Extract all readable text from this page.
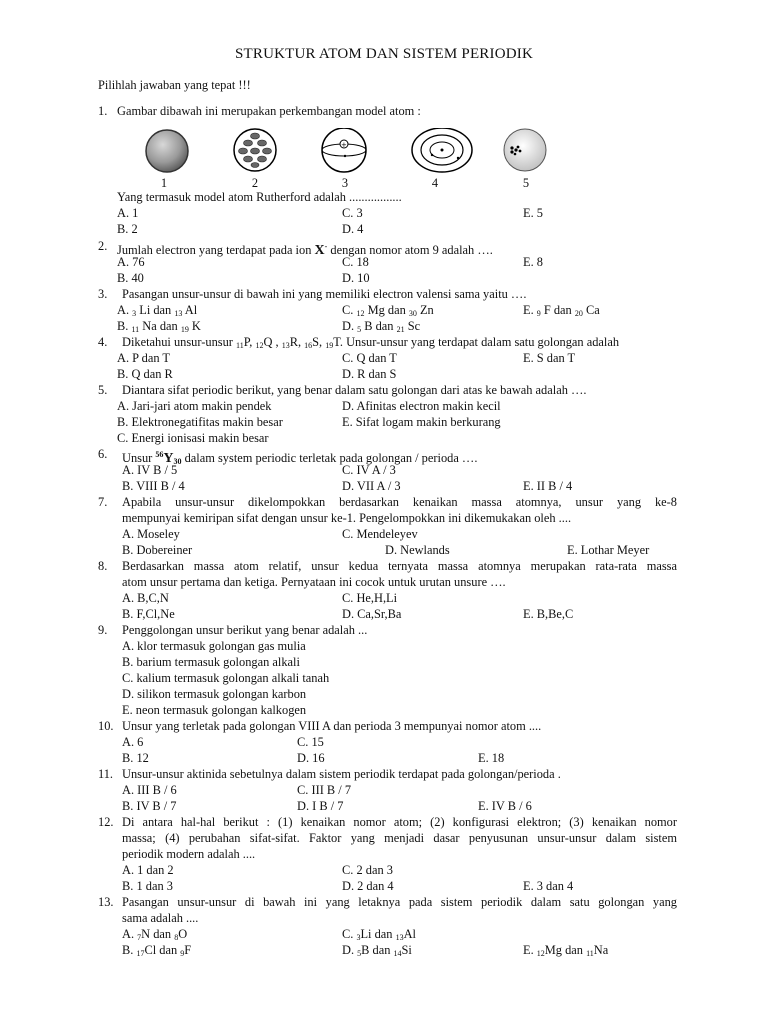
STRUKTUR ATOM DAN SISTEM PERIODIK
Pilihlah jawaban yang tepat !!!
1. Gambar dibawah ini merupakan perkembangan model atom :
+
1	2	3	4	5
Yang termasuk model atom Rutherford adalah .................
A. 1
B. 2
C. 3
D. 4
E. 5
2. Jumlah electron yang terdapat pada ion X- dengan nomor atom 9 adalah ….
A. 76
B. 40
C. 18
D. 10
E. 8
3. Pasangan unsur-unsur di bawah ini yang memiliki electron valensi sama yaitu ….
A. $_3$ Li dan $_{13}$ Al
B. $_{11}$ Na dan $_{19}$ K
C. $_{12}$ Mg dan $_{30}$ Zn
D. $_5$ B dan $_{21}$ Sc
E. $_9$ F dan $_{20}$ Ca
4. Diketahui unsur-unsur $_{11}$P, $_{12}$Q , $_{13}$R, $_{16}$S, $_{19}$T. Unsur-unsur yang terdapat dalam satu golongan adalah
A. P dan T
B. Q dan R
C. Q dan T
D. R dan S
E. S dan T
5. Diantara sifat periodic berikut, yang benar dalam satu golongan dari atas ke bawah adalah ….
A. Jari-jari atom makin pendek
B. Elektronegatifitas makin besar
C. Energi ionisasi makin besar
D. Afinitas electron makin kecil
E. Sifat logam makin berkurang
6. Unsur $^{56}Y_{30}$ dalam system periodic terletak pada golongan / perioda ….
A. IV B / 5
B. VIII B / 4
C. IV A / 3
D. VII A / 3	E. II B / 4
7. Apabila unsur-unsur dikelompokkan berdasarkan kenaikan massa atomnya, unsur yang ke-8
mempunyai kemiripan sifat dengan unsur ke-1. Pengelompokkan ini dikemukakan oleh ....
A. Moseley
B. Dobereiner
C. Mendeleyev
D. Newlands	E. Lothar Meyer
8. Berdasarkan massa atom relatif, unsur kedua ternyata massa atomnya merupakan rata-rata massa
atom unsur pertama dan ketiga. Pernyataan ini cocok untuk urutan unsure ….
A. B,C,N
B. F,Cl,Ne
C. He,H,Li
D. Ca,Sr,Ba	E. B,Be,C
9. Penggolongan unsur berikut yang benar adalah ...
A. klor termasuk golongan gas mulia
B. barium termasuk golongan alkali
C. kalium termasuk golongan alkali tanah
D. silikon termasuk golongan karbon
E. neon termasuk golongan kalkogen
10. Unsur yang terletak pada golongan VIII A dan perioda 3 mempunyai nomor atom ....
A. 6
B. 12
C. 15
D. 16	E. 18
11. Unsur-unsur aktinida sebetulnya dalam sistem periodik terdapat pada golongan/perioda .
A. III B / 6
B. IV B / 7
C. III B / 7
D. I B / 7	E. IV B / 6
12. Di antara hal-hal berikut : (1) kenaikan nomor atom; (2) konfigurasi elektron; (3) kenaikan nomor
massa; (4) perubahan sifat-sifat. Faktor yang menjadi dasar penyusunan unsur-unsur dalam sistem
periodik modern adalah ....
A. 1 dan 2
B. 1 dan 3
C. 2 dan 3
D. 2 dan 4	E. 3 dan 4
13. Pasangan unsur-unsur di bawah ini yang letaknya pada sistem periodik dalam satu golongan yang
sama adalah ....
A. $_7$N dan $_8$O
B. $_{17}$Cl dan $_9$F
C. $_3$Li dan $_{13}$Al
D. $_5$B dan $_{14}$Si	E. $_{12}$Mg dan $_{11}$Na
